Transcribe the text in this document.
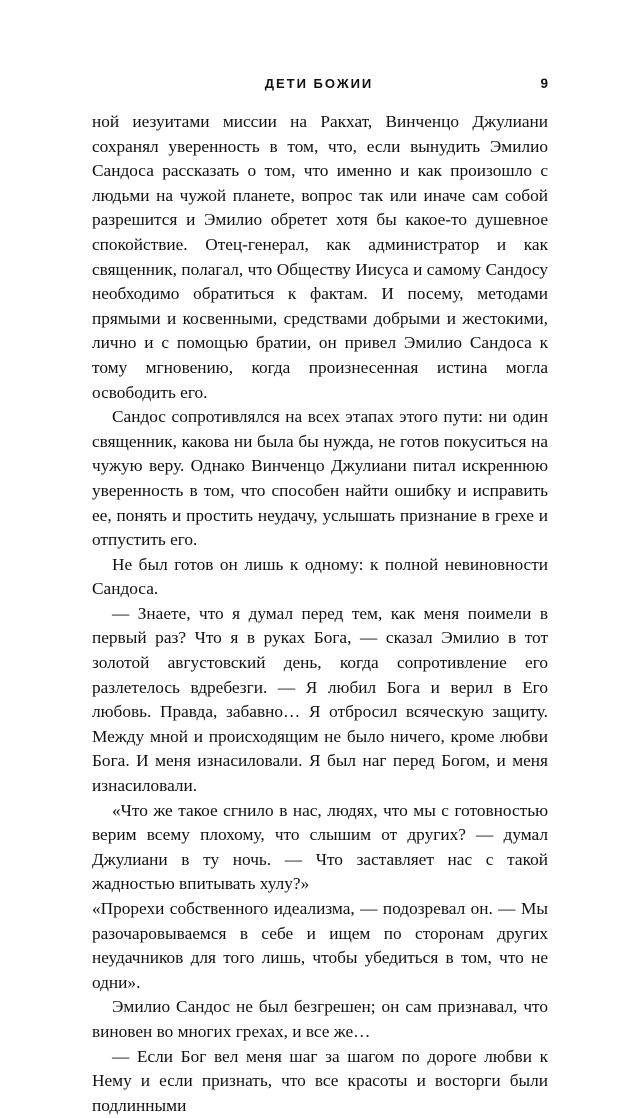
ДЕТИ БОЖИИ	9

ной иезуитами миссии на Ракхат, Винченцо Джулиани сохранял уверенность в том, что, если вынудить Эмилио Сандоса рассказать о том, что именно и как произошло с людьми на чужой планете, вопрос так или иначе сам собой разрешится и Эмилио обретет хотя бы какое-то душевное спокойствие. Отец-генерал, как администратор и как священник, полагал, что Обществу Иисуса и самому Сандосу необходимо обратиться к фактам. И посему, методами прямыми и косвенными, средствами добрыми и жестокими, лично и с помощью братии, он привел Эмилио Сандоса к тому мгновению, когда произнесенная истина могла освободить его.

Сандос сопротивлялся на всех этапах этого пути: ни один священник, какова ни была бы нужда, не готов покуситься на чужую веру. Однако Винченцо Джулиани питал искреннюю уверенность в том, что способен найти ошибку и исправить ее, понять и простить неудачу, услышать признание в грехе и отпустить его.

Не был готов он лишь к одному: к полной невиновности Сандоса.

— Знаете, что я думал перед тем, как меня поимели в первый раз? Что я в руках Бога, — сказал Эмилио в тот золотой августовский день, когда сопротивление его разлетелось вдребезги. — Я любил Бога и верил в Его любовь. Правда, забавно… Я отбросил всяческую защиту. Между мной и происходящим не было ничего, кроме любви Бога. И меня изнасиловали. Я был наг перед Богом, и меня изнасиловали.

«Что же такое сгнило в нас, людях, что мы с готовностью верим всему плохому, что слышим от других? — думал Джулиани в ту ночь. — Что заставляет нас с такой жадностью впитывать хулу?»

«Прорехи собственного идеализма, — подозревал он. — Мы разочаровываемся в себе и ищем по сторонам других неудачников для того лишь, чтобы убедиться в том, что не одни».

Эмилио Сандос не был безгрешен; он сам признавал, что виновен во многих грехах, и все же…

— Если Бог вел меня шаг за шагом по дороге любви к Нему и если признать, что все красоты и восторги были подлинными
